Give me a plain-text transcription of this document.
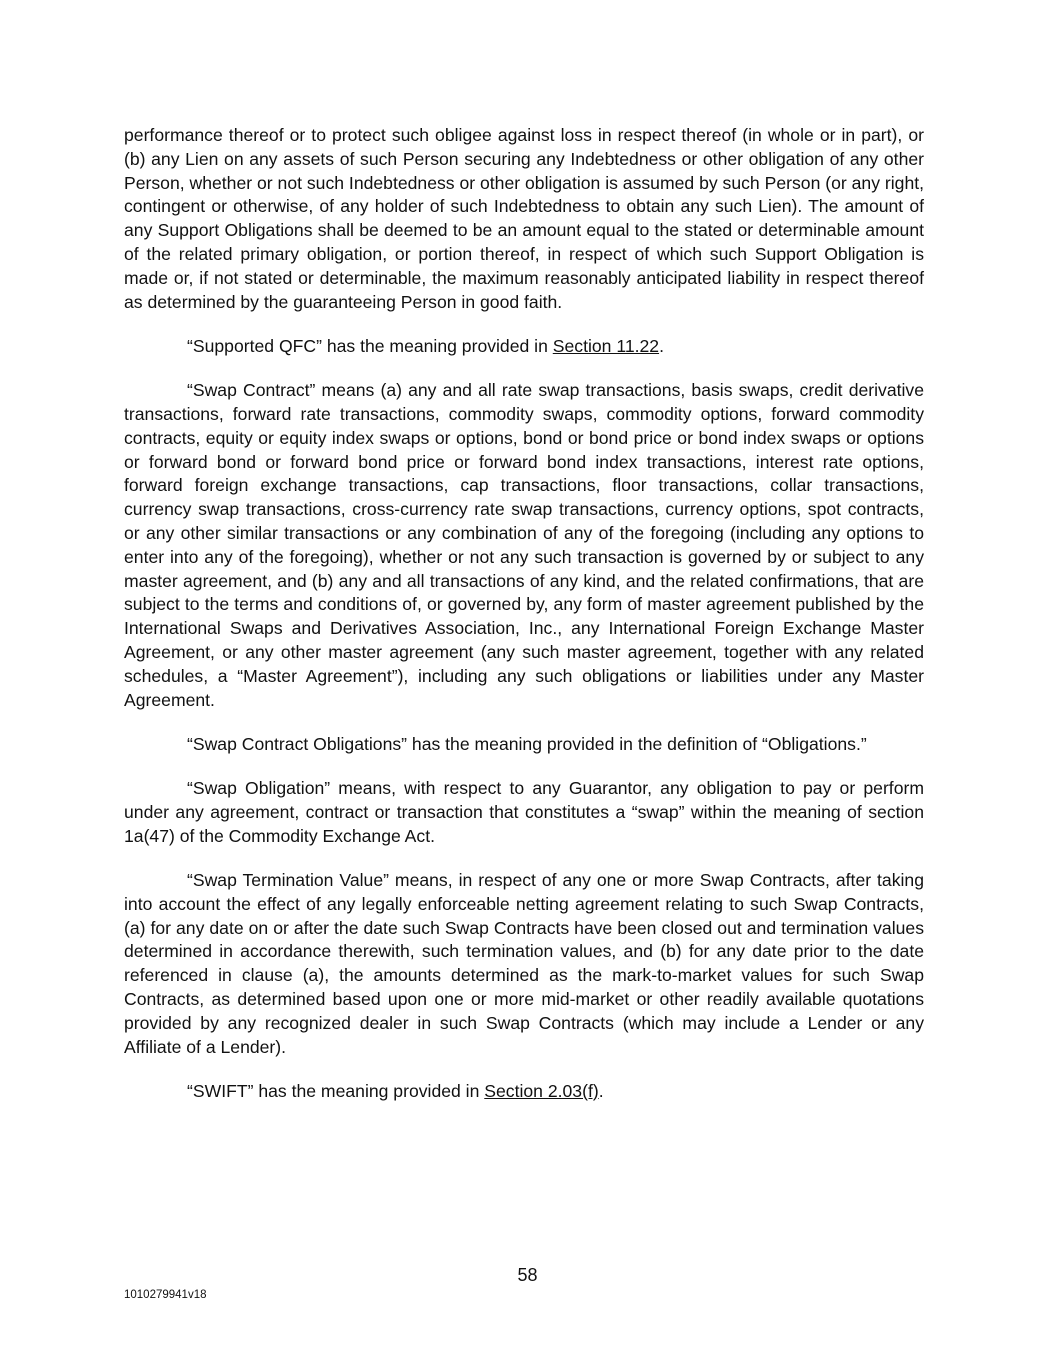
performance thereof or to protect such obligee against loss in respect thereof (in whole or in part), or (b) any Lien on any assets of such Person securing any Indebtedness or other obligation of any other Person, whether or not such Indebtedness or other obligation is assumed by such Person (or any right, contingent or otherwise, of any holder of such Indebtedness to obtain any such Lien). The amount of any Support Obligations shall be deemed to be an amount equal to the stated or determinable amount of the related primary obligation, or portion thereof, in respect of which such Support Obligation is made or, if not stated or determinable, the maximum reasonably anticipated liability in respect thereof as determined by the guaranteeing Person in good faith.

“Supported QFC” has the meaning provided in Section 11.22.

“Swap Contract” means (a) any and all rate swap transactions, basis swaps, credit derivative transactions, forward rate transactions, commodity swaps, commodity options, forward commodity contracts, equity or equity index swaps or options, bond or bond price or bond index swaps or options or forward bond or forward bond price or forward bond index transactions, interest rate options, forward foreign exchange transactions, cap transactions, floor transactions, collar transactions, currency swap transactions, cross-currency rate swap transactions, currency options, spot contracts, or any other similar transactions or any combination of any of the foregoing (including any options to enter into any of the foregoing), whether or not any such transaction is governed by or subject to any master agreement, and (b) any and all transactions of any kind, and the related confirmations, that are subject to the terms and conditions of, or governed by, any form of master agreement published by the International Swaps and Derivatives Association, Inc., any International Foreign Exchange Master Agreement, or any other master agreement (any such master agreement, together with any related schedules, a “Master Agreement”), including any such obligations or liabilities under any Master Agreement.

“Swap Contract Obligations” has the meaning provided in the definition of “Obligations.”

“Swap Obligation” means, with respect to any Guarantor, any obligation to pay or perform under any agreement, contract or transaction that constitutes a “swap” within the meaning of section 1a(47) of the Commodity Exchange Act.

“Swap Termination Value” means, in respect of any one or more Swap Contracts, after taking into account the effect of any legally enforceable netting agreement relating to such Swap Contracts, (a) for any date on or after the date such Swap Contracts have been closed out and termination values determined in accordance therewith, such termination values, and (b) for any date prior to the date referenced in clause (a), the amounts determined as the mark-to-market values for such Swap Contracts, as determined based upon one or more mid-market or other readily available quotations provided by any recognized dealer in such Swap Contracts (which may include a Lender or any Affiliate of a Lender).

“SWIFT” has the meaning provided in Section 2.03(f).

58
1010279941v18
